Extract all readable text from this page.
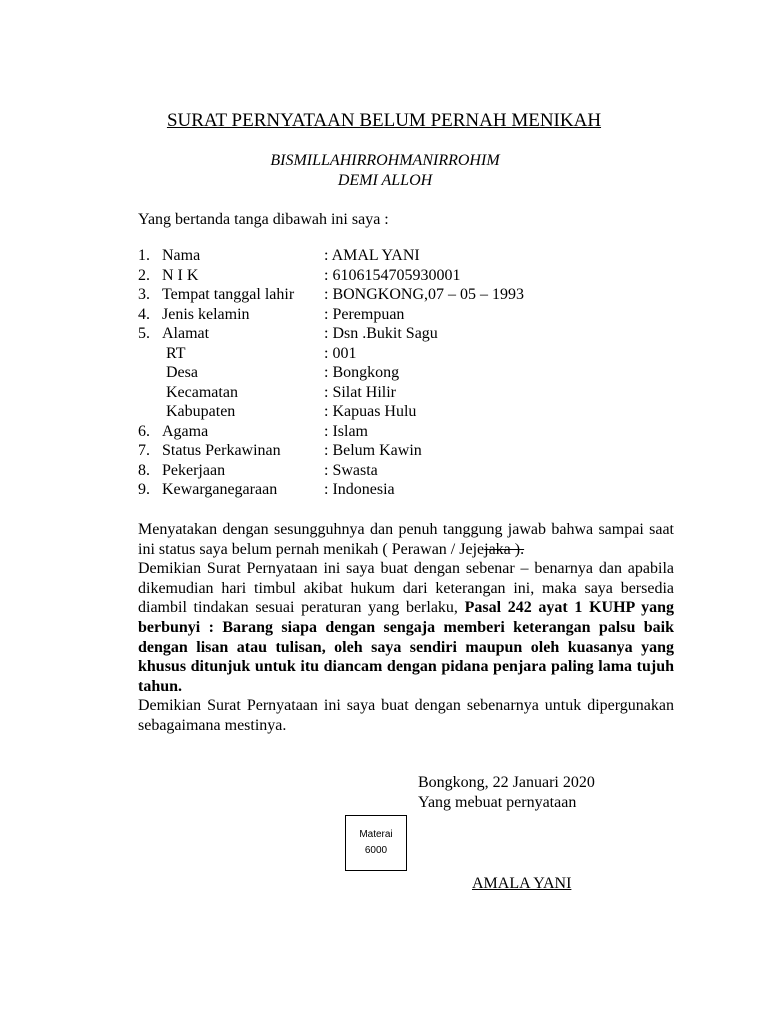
SURAT PERNYATAAN BELUM PERNAH MENIKAH
BISMILLAHIRROHMANIRROHIM
DEMI ALLOH
Yang bertanda tanga dibawah ini saya :
1. Nama	: AMAL YANI
2. N I K	: 6106154705930001
3. Tempat tanggal lahir : BONGKONG,07 – 05 – 1993
4. Jenis kelamin	: Perempuan
5. Alamat	: Dsn .Bukit Sagu
RT	: 001
Desa	: Bongkong
Kecamatan	: Silat Hilir
Kabupaten	: Kapuas Hulu
6. Agama	: Islam
7. Status Perkawinan	: Belum Kawin
8. Pekerjaan	: Swasta
9. Kewarganegaraan	: Indonesia

Menyatakan dengan sesungguhnya dan penuh tanggung jawab bahwa sampai saat ini status saya belum pernah menikah ( Perawan / Jejejaka ).

Demikian Surat Pernyataan ini saya buat dengan sebenar – benarnya dan apabila dikemudian hari timbul akibat hukum dari keterangan ini, maka saya bersedia diambil tindakan sesuai peraturan yang berlaku, Pasal 242 ayat 1 KUHP yang berbunyi : Barang siapa dengan sengaja memberi keterangan palsu baik dengan lisan atau tulisan, oleh saya sendiri maupun oleh kuasanya yang khusus ditunjuk untuk itu diancam dengan pidana penjara paling lama tujuh tahun.

Demikian Surat Pernyataan ini saya buat dengan sebenarnya untuk dipergunakan sebagaimana mestinya.

Bongkong, 22 Januari 2020
Yang mebuat pernyataan
Materai
6000
AMALA YANI
